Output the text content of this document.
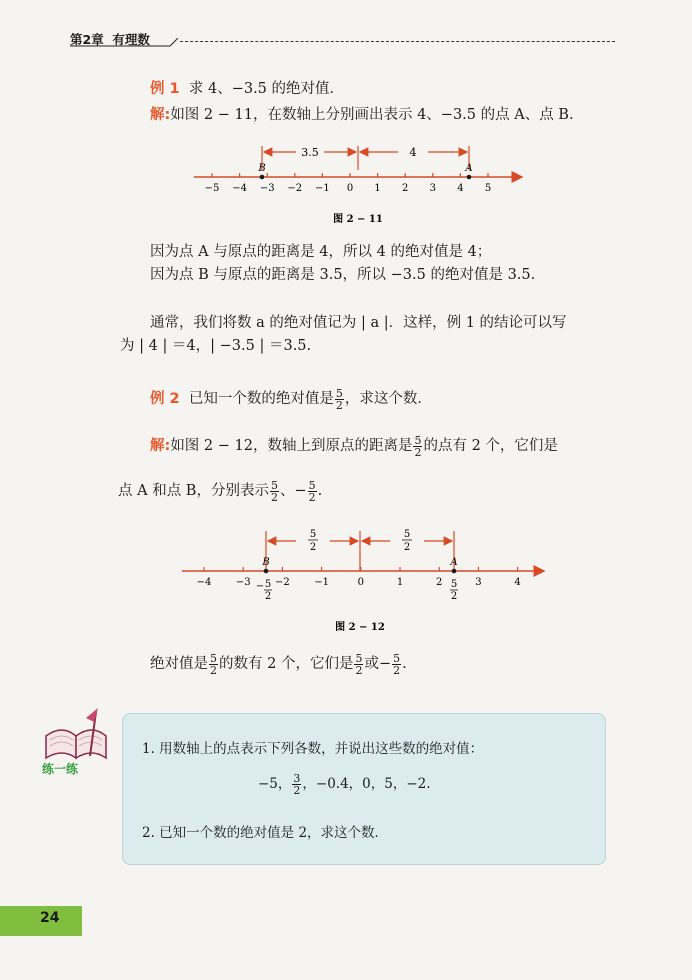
第2章 有理数
例 1 求 4、−3.5 的绝对值．
解:如图 2 − 11，在数轴上分别画出表示 4、−3.5 的点 A、点 B.
3.5	4
−5 −4 −3 −2 −1 0 1 2 3 4 5
B	A
图 2 − 11
因为点 A 与原点的距离是 4，所以 4 的绝对值是 4；
因为点 B 与原点的距离是 3.5，所以 −3.5 的绝对值是 3.5.
通常，我们将数 a 的绝对值记为 | a |．这样，例 1 的结论可以写
为 | 4 | ＝4，| −3.5 | ＝3.5.
例 2 已知一个数的绝对值是 $\frac{5}{2}$ ，求这个数．
解:如图 2 − 12，数轴上到原点的距离是 $\frac{5}{2}$ 的点有 2 个，它们是
点 A 和点 B，分别表示 $\frac{5}{2}$ 、− $\frac{5}{2}$ .
5
2
5
2
−4 −3 −2 −1	0	1	2	3	4
B	A
− 5
2
5
2
图 2 − 12
绝对值是 $\frac{5}{2}$ 的数有 2 个，它们是 $\frac{5}{2}$ 或− $\frac{5}{2}$ .
练一练
1. 用数轴上的点表示下列各数，并说出这些数的绝对值：
−5， $\frac{3}{2}$ ，−0.4，0，5，−2.
2. 已知一个数的绝对值是 2，求这个数．
24
